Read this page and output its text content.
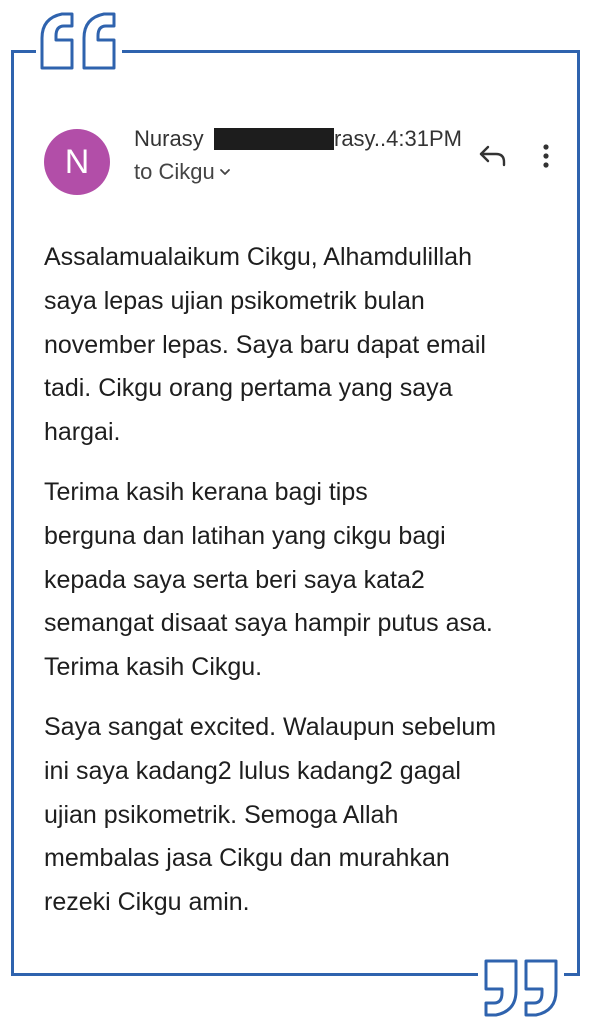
N
Nurasy	rasy..4:31PM
to Cikgu

Assalamualaikum Cikgu, Alhamdulillah
saya lepas ujian psikometrik bulan
november lepas. Saya baru dapat email
tadi. Cikgu orang pertama yang saya
hargai.

Terima kasih kerana bagi tips
berguna dan latihan yang cikgu bagi
kepada saya serta beri saya kata2
semangat disaat saya hampir putus asa.
Terima kasih Cikgu.

Saya sangat excited. Walaupun sebelum
ini saya kadang2 lulus kadang2 gagal
ujian psikometrik. Semoga Allah
membalas jasa Cikgu dan murahkan
rezeki Cikgu amin.
